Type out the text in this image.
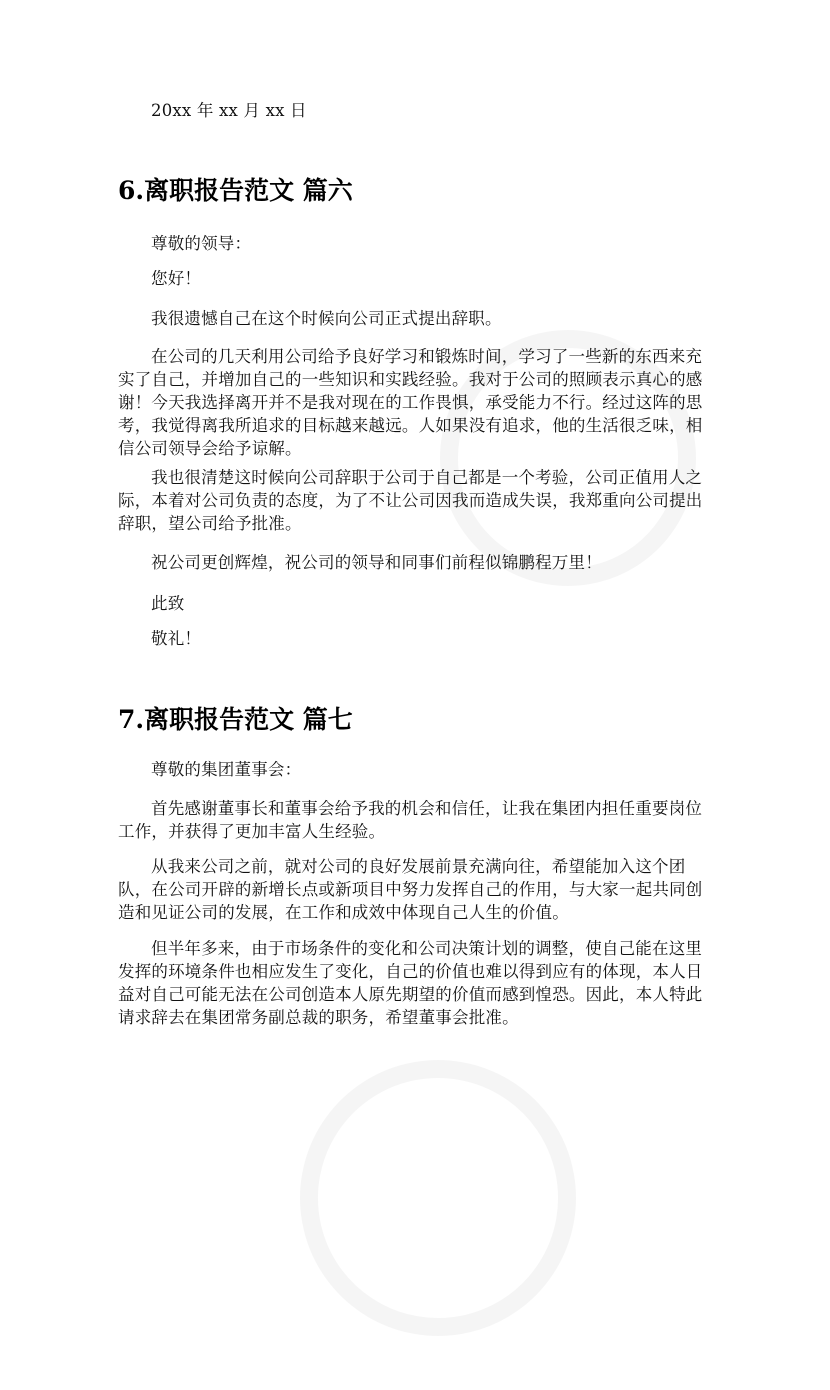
20xx 年 xx 月 xx 日

6.离职报告范文 篇六

尊敬的领导：

您好！

我很遗憾自己在这个时候向公司正式提出辞职。

在公司的几天利用公司给予良好学习和锻炼时间，学习了一些新的东西来充实了自己，并增加自己的一些知识和实践经验。我对于公司的照顾表示真心的感谢！今天我选择离开并不是我对现在的工作畏惧，承受能力不行。经过这阵的思考，我觉得离我所追求的目标越来越远。人如果没有追求，他的生活很乏味，相信公司领导会给予谅解。

我也很清楚这时候向公司辞职于公司于自己都是一个考验，公司正值用人之际，本着对公司负责的态度，为了不让公司因我而造成失误，我郑重向公司提出辞职，望公司给予批准。

祝公司更创辉煌，祝公司的领导和同事们前程似锦鹏程万里！

此致

敬礼！

7.离职报告范文 篇七

尊敬的集团董事会：

首先感谢董事长和董事会给予我的机会和信任，让我在集团内担任重要岗位工作，并获得了更加丰富人生经验。

从我来公司之前，就对公司的良好发展前景充满向往，希望能加入这个团队，在公司开辟的新增长点或新项目中努力发挥自己的作用，与大家一起共同创造和见证公司的发展，在工作和成效中体现自己人生的价值。

但半年多来，由于市场条件的变化和公司决策计划的调整，使自己能在这里发挥的环境条件也相应发生了变化，自己的价值也难以得到应有的体现，本人日益对自己可能无法在公司创造本人原先期望的价值而感到惶恐。因此，本人特此请求辞去在集团常务副总裁的职务，希望董事会批准。
